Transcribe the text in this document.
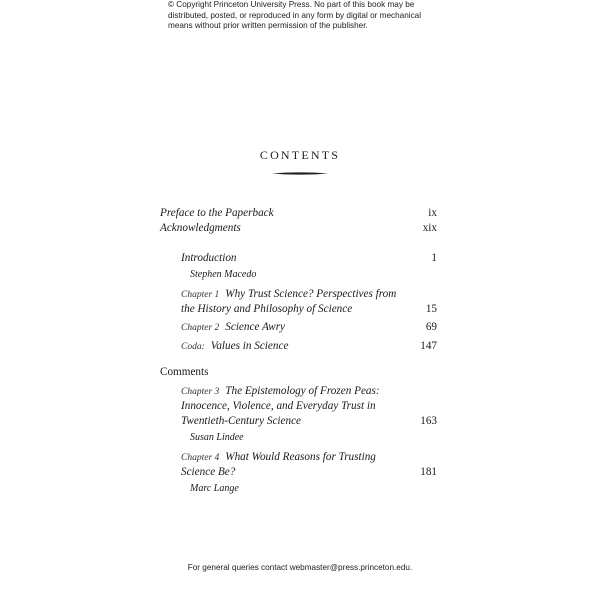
© Copyright Princeton University Press. No part of this book may be
distributed, posted, or reproduced in any form by digital or mechanical
means without prior written permission of the publisher.
CONTENTS
Preface to the Paperback	ix
Acknowledgments	xix
Introduction	1
Stephen Macedo
Chapter 1 Why Trust Science? Perspectives from
the History and Philosophy of Science	15
Chapter 2 Science Awry	69
Coda: Values in Science	147
Comments
Chapter 3 The Epistemology of Frozen Peas:
Innocence, Violence, and Everyday Trust in
Twentieth-Century Science	163
Susan Lindee
Chapter 4 What Would Reasons for Trusting
Science Be?	181
Marc Lange
For general queries contact webmaster@press.princeton.edu.
